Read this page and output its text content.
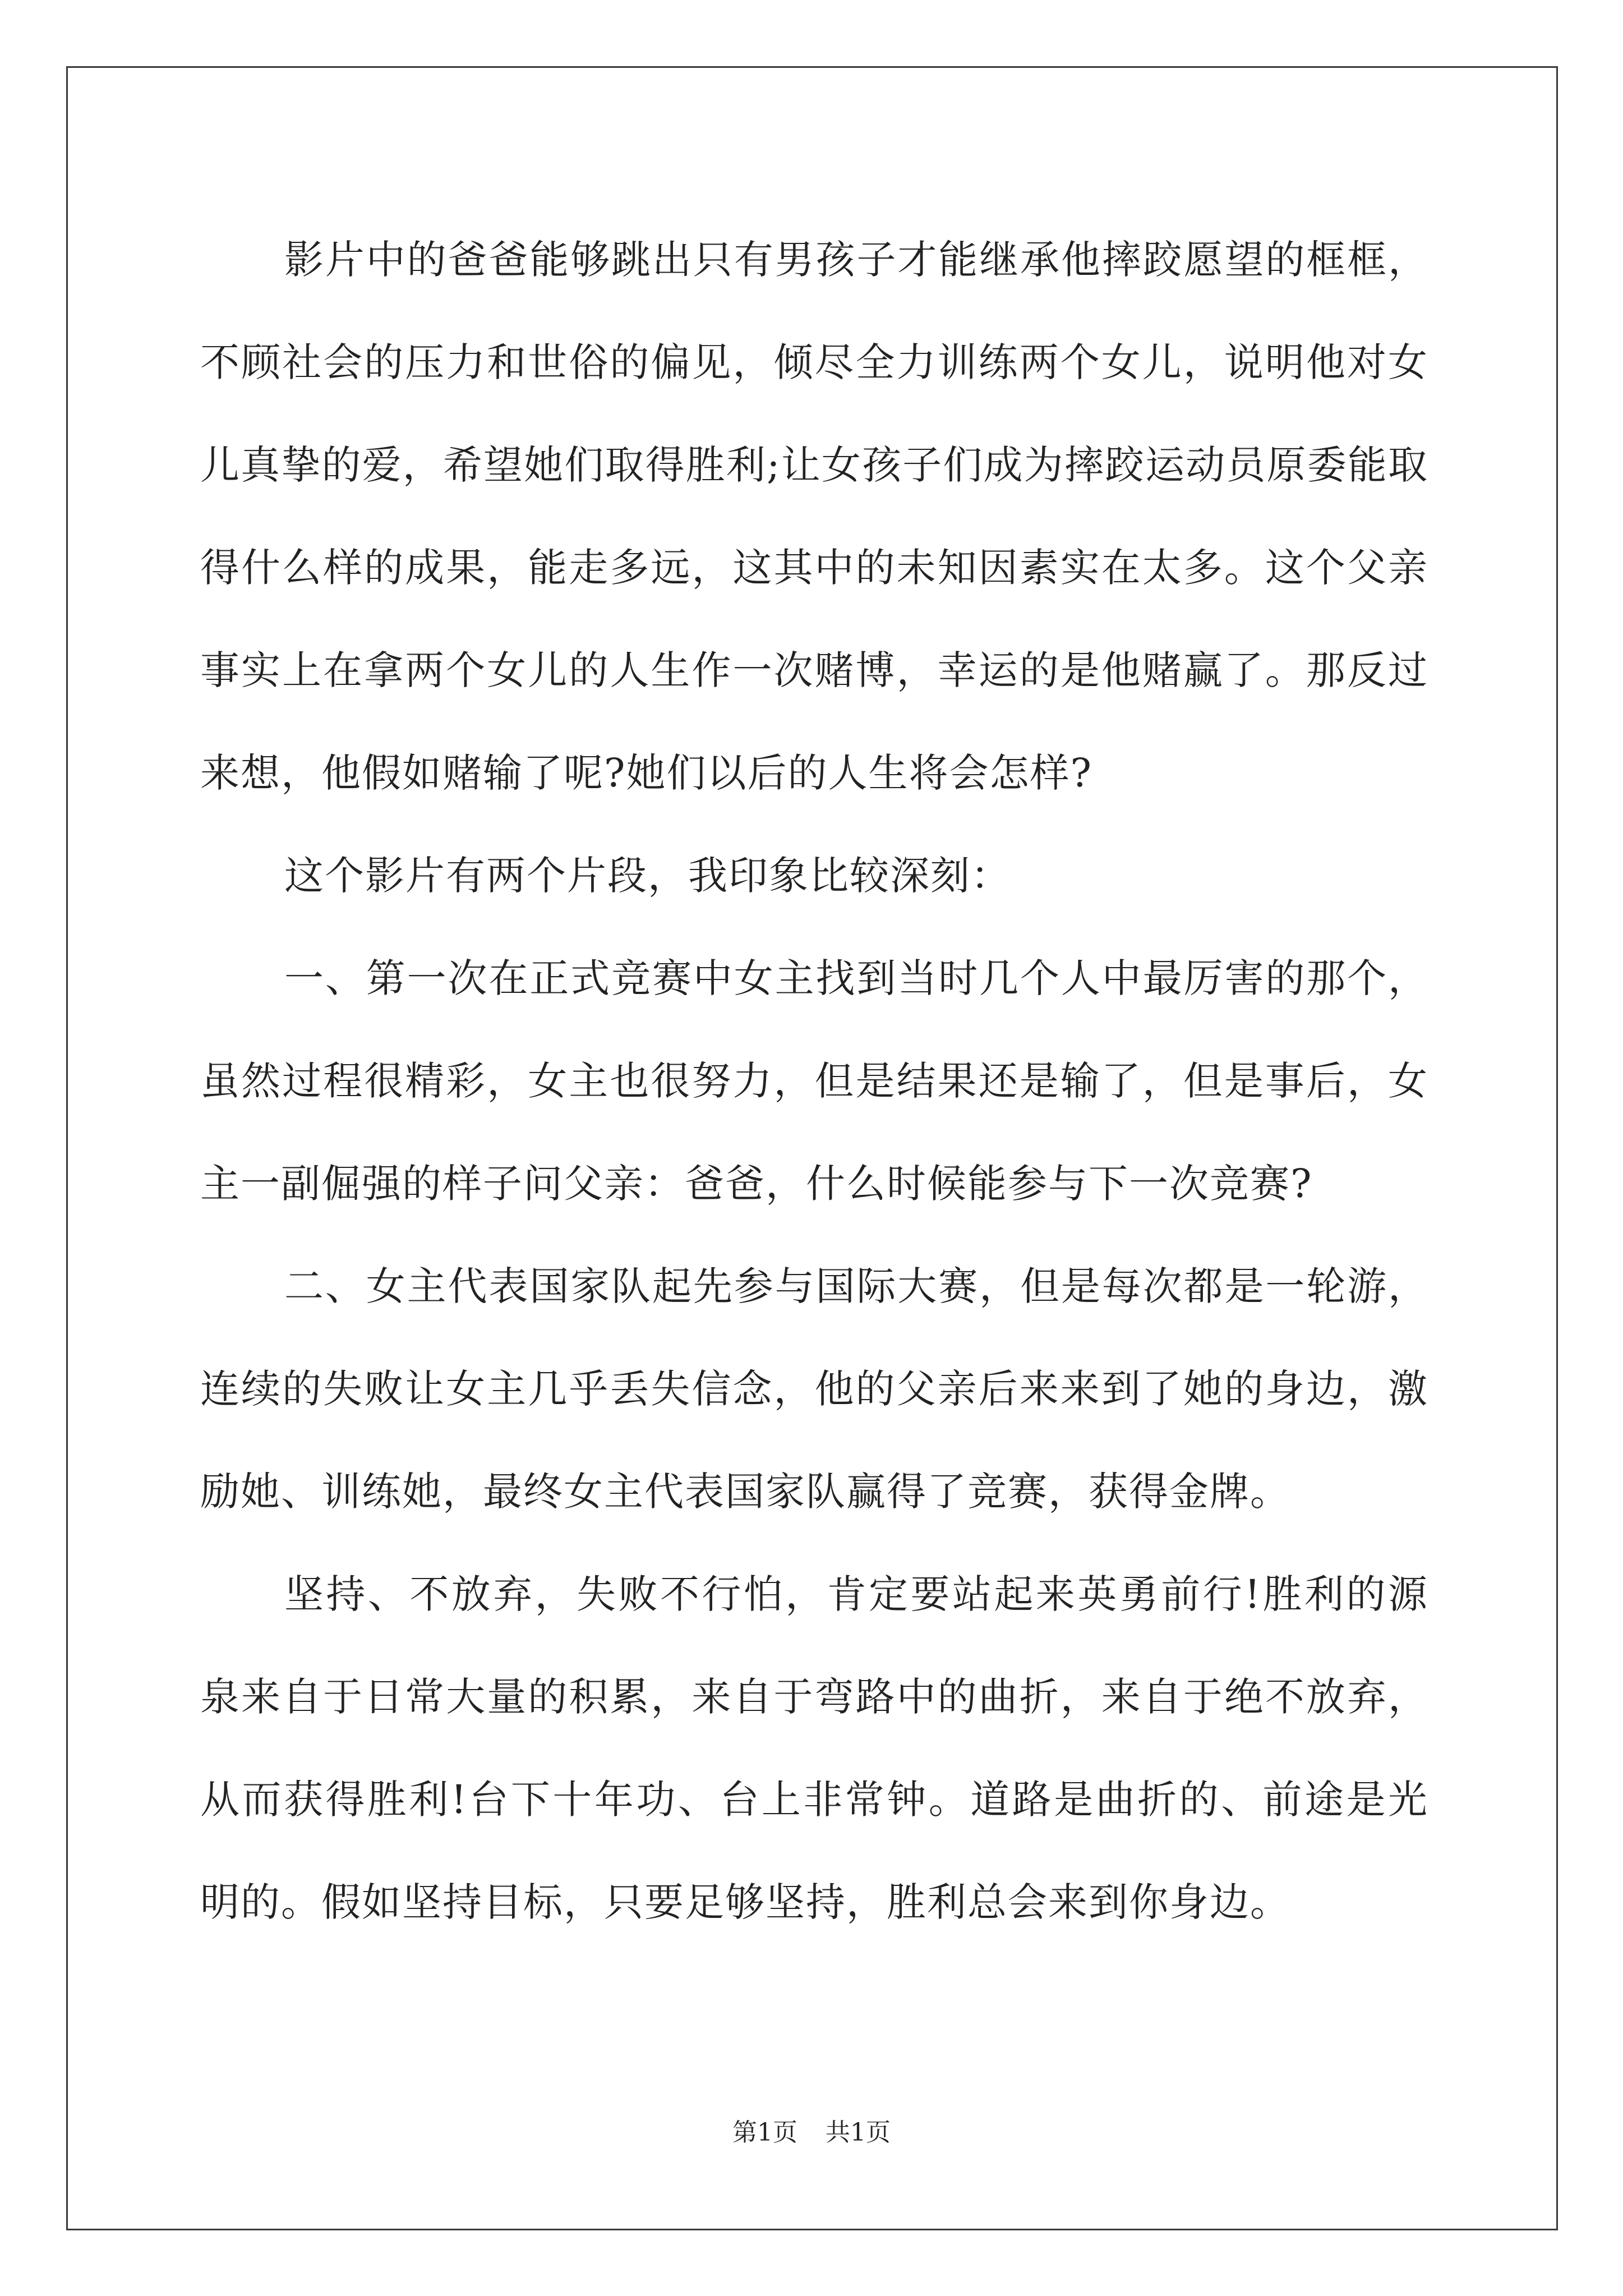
影片中的爸爸能够跳出只有男孩子才能继承他摔跤愿望的框框，不顾社会的压力和世俗的偏见，倾尽全力训练两个女儿，说明他对女儿真挚的爱，希望她们取得胜利;让女孩子们成为摔跤运动员原委能取得什么样的成果，能走多远，这其中的未知因素实在太多。这个父亲事实上在拿两个女儿的人生作一次赌博，幸运的是他赌赢了。那反过来想，他假如赌输了呢?她们以后的人生将会怎样?

这个影片有两个片段，我印象比较深刻：

一、第一次在正式竞赛中女主找到当时几个人中最厉害的那个，虽然过程很精彩，女主也很努力，但是结果还是输了，但是事后，女主一副倔强的样子问父亲：爸爸，什么时候能参与下一次竞赛?

二、女主代表国家队起先参与国际大赛，但是每次都是一轮游，连续的失败让女主几乎丢失信念，他的父亲后来来到了她的身边，激励她、训练她，最终女主代表国家队赢得了竞赛，获得金牌。

坚持、不放弃，失败不行怕，肯定要站起来英勇前行!胜利的源泉来自于日常大量的积累，来自于弯路中的曲折，来自于绝不放弃，从而获得胜利!台下十年功、台上非常钟。道路是曲折的、前途是光明的。假如坚持目标，只要足够坚持，胜利总会来到你身边。

第1页 共1页
